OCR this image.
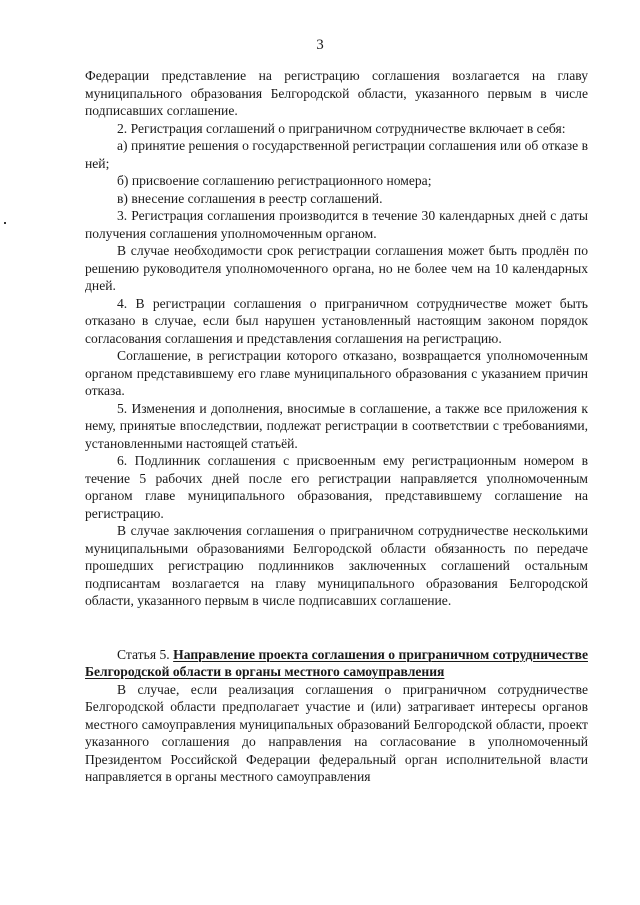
3

Федерации представление на регистрацию соглашения возлагается на главу муниципального образования Белгородской области, указанного первым в числе подписавших соглашение.

2. Регистрация соглашений о приграничном сотрудничестве включает в себя:

а) принятие решения о государственной регистрации соглашения или об отказе в ней;

б) присвоение соглашению регистрационного номера;

в) внесение соглашения в реестр соглашений.

3. Регистрация соглашения производится в течение 30 календарных дней с даты получения соглашения уполномоченным органом.

В случае необходимости срок регистрации соглашения может быть продлён по решению руководителя уполномоченного органа, но не более чем на 10 календарных дней.

4. В регистрации соглашения о приграничном сотрудничестве может быть отказано в случае, если был нарушен установленный настоящим законом порядок согласования соглашения и представления соглашения на регистрацию.

Соглашение, в регистрации которого отказано, возвращается уполномоченным органом представившему его главе муниципального образования с указанием причин отказа.

5. Изменения и дополнения, вносимые в соглашение, а также все приложения к нему, принятые впоследствии, подлежат регистрации в соответствии с требованиями, установленными настоящей статьёй.

6. Подлинник соглашения с присвоенным ему регистрационным номером в течение 5 рабочих дней после его регистрации направляется уполномоченным органом главе муниципального образования, представившему соглашение на регистрацию.

В случае заключения соглашения о приграничном сотрудничестве несколькими муниципальными образованиями Белгородской области обязанность по передаче прошедших регистрацию подлинников заключенных соглашений остальным подписантам возлагается на главу муниципального образования Белгородской области, указанного первым в числе подписавших соглашение.

Статья 5. Направление проекта соглашения о приграничном сотрудничестве Белгородской области в органы местного самоуправления

В случае, если реализация соглашения о приграничном сотрудничестве Белгородской области предполагает участие и (или) затрагивает интересы органов местного самоуправления муниципальных образований Белгородской области, проект указанного соглашения до направления на согласование в уполномоченный Президентом Российской Федерации федеральный орган исполнительной власти направляется в органы местного самоуправления
